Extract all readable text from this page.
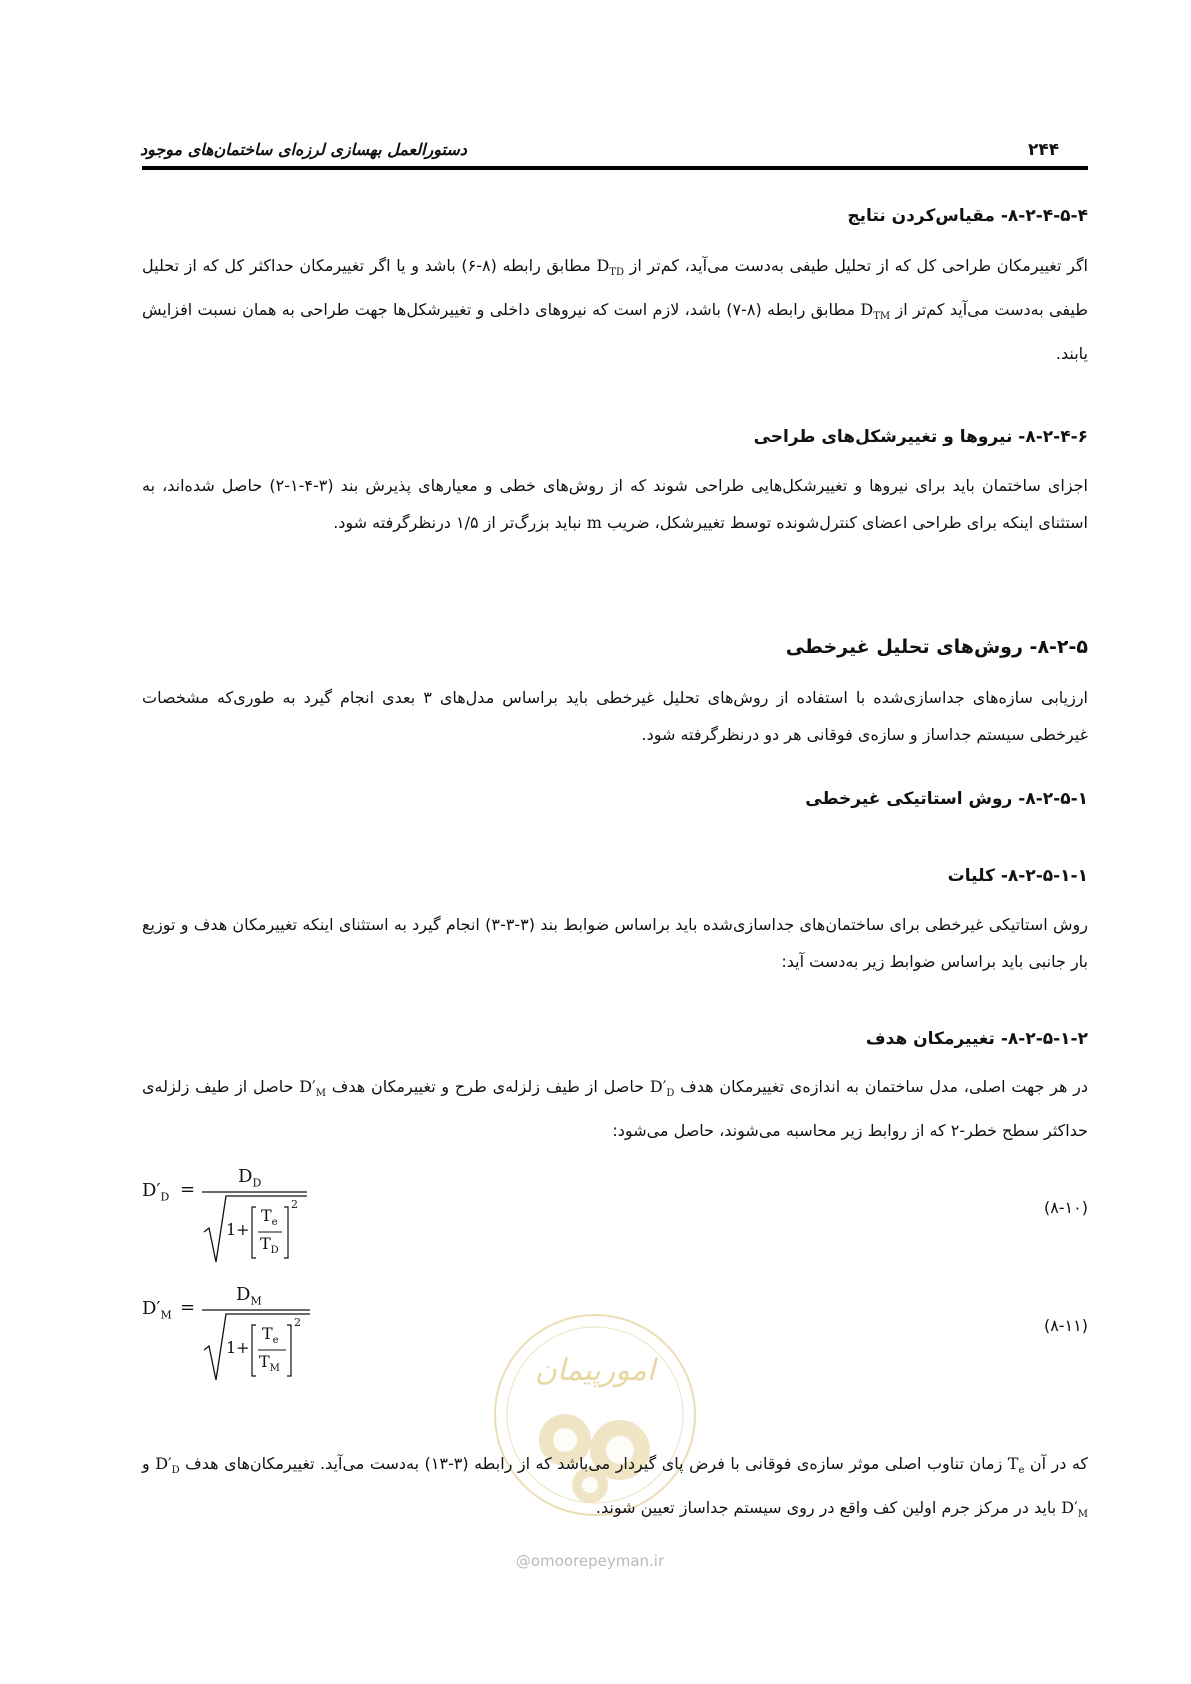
۲۴۴
دستورالعمل بهسازی لرزه‌ای ساختمان‌های موجود
۸-۲-۴-۵-۴- مقیاس‌کردن نتایج

اگر تغییرمکان طراحی کل که از تحلیل طیفی به‌دست می‌آید، کم‌تر از $D_{TD}$ مطابق رابطه (۸-۶) باشد و یا اگر تغییرمکان حداکثر کل که از تحلیل طیفی به‌دست می‌آید کم‌تر از $D_{TM}$ مطابق رابطه (۸-۷) باشد، لازم است که نیروهای داخلی و تغییرشکل‌ها جهت طراحی به همان نسبت افزایش یابند.

۸-۲-۴-۶- نیروها و تغییرشکل‌های طراحی

اجزای ساختمان باید برای نیروها و تغییرشکل‌هایی طراحی شوند که از روش‌های خطی و معیارهای پذیرش بند (۳-۴-۱-۲) حاصل شده‌اند، به استثنای اینکه برای طراحی اعضای کنترل‌شونده توسط تغییرشکل، ضریب m نباید بزرگ‌تر از ۱/۵ درنظرگرفته شود.

۸-۲-۵- روش‌های تحلیل غیرخطی

ارزیابی سازه‌های جداسازی‌شده با استفاده از روش‌های تحلیل غیرخطی باید براساس مدل‌های ۳ بعدی انجام گیرد به طوری‌که مشخصات غیرخطی سیستم جداساز و سازه‌ی فوقانی هر دو درنظرگرفته شود.

۸-۲-۵-۱- روش استاتیکی غیرخطی
۸-۲-۵-۱-۱- کلیات

روش استاتیکی غیرخطی برای ساختمان‌های جداسازی‌شده باید براساس ضوابط بند (۳-۳-۳) انجام گیرد به استثنای اینکه تغییرمکان هدف و توزیع بار جانبی باید براساس ضوابط زیر به‌دست آید:

۸-۲-۵-۱-۲- تغییرمکان هدف

در هر جهت اصلی، مدل ساختمان به اندازه‌ی تغییرمکان هدف $D'_D$ حاصل از طیف زلزله‌ی طرح و تغییرمکان هدف $D'_M$ حاصل از طیف زلزله‌ی حداکثر سطح خطر-۲ که از روابط زیر محاسبه می‌شوند، حاصل می‌شود:

$D'_D$ =
$D_D$
1+
$T_e$
$T_D$
2	(۸-۱۰)
$D'_M$ =
$D_M$
1+
$T_e$
$T_M$
2	(۸-۱۱)
امورپیمان

که در آن $T_e$ زمان تناوب اصلی موثر سازه‌ی فوقانی با فرض پای گیردار می‌باشد که از رابطه (۳-۱۳) به‌دست می‌آید. تغییرمکان‌های هدف $D'_D$ و $D'_M$ باید در مرکز جرم اولین کف واقع در روی سیستم جداساز تعیین شوند.

@omoorepeyman.ir
